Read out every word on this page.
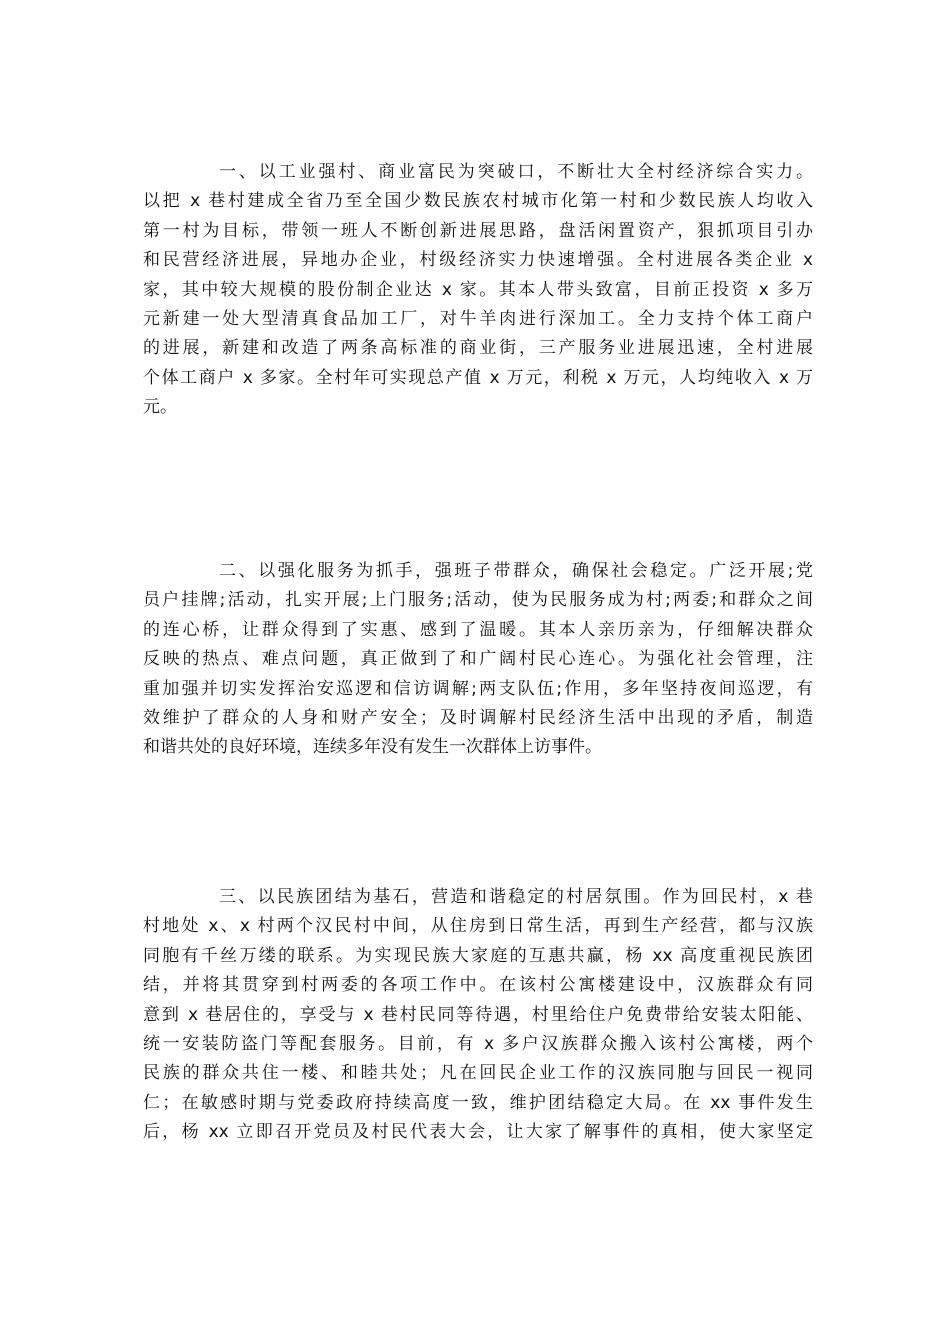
一、以工业强村、商业富民为突破口，不断壮大全村经济综合实力。
以把 x 巷村建成全省乃至全国少数民族农村城市化第一村和少数民族人均收入
第一村为目标，带领一班人不断创新进展思路，盘活闲置资产，狠抓项目引办
和民营经济进展，异地办企业，村级经济实力快速增强。全村进展各类企业 x
家，其中较大规模的股份制企业达 x 家。其本人带头致富，目前正投资 x 多万
元新建一处大型清真食品加工厂，对牛羊肉进行深加工。全力支持个体工商户
的进展，新建和改造了两条高标准的商业街，三产服务业进展迅速，全村进展
个体工商户 x 多家。全村年可实现总产值 x 万元，利税 x 万元，人均纯收入 x 万
元。
二、以强化服务为抓手，强班子带群众，确保社会稳定。广泛开展;党
员户挂牌;活动，扎实开展;上门服务;活动，使为民服务成为村;两委;和群众之间
的连心桥，让群众得到了实惠、感到了温暖。其本人亲历亲为，仔细解决群众
反映的热点、难点问题，真正做到了和广阔村民心连心。为强化社会管理，注
重加强并切实发挥治安巡逻和信访调解;两支队伍;作用，多年坚持夜间巡逻，有
效维护了群众的人身和财产安全；及时调解村民经济生活中出现的矛盾，制造
和谐共处的良好环境，连续多年没有发生一次群体上访事件。
三、以民族团结为基石，营造和谐稳定的村居氛围。作为回民村，x 巷
村地处 x、x 村两个汉民村中间，从住房到日常生活，再到生产经营，都与汉族
同胞有千丝万缕的联系。为实现民族大家庭的互惠共赢，杨 xx 高度重视民族团
结，并将其贯穿到村两委的各项工作中。在该村公寓楼建设中，汉族群众有同
意到 x 巷居住的，享受与 x 巷村民同等待遇，村里给住户免费带给安装太阳能、
统一安装防盗门等配套服务。目前，有 x 多户汉族群众搬入该村公寓楼，两个
民族的群众共住一楼、和睦共处；凡在回民企业工作的汉族同胞与回民一视同
仁；在敏感时期与党委政府持续高度一致，维护团结稳定大局。在 xx 事件发生
后，杨 xx 立即召开党员及村民代表大会，让大家了解事件的真相，使大家坚定
